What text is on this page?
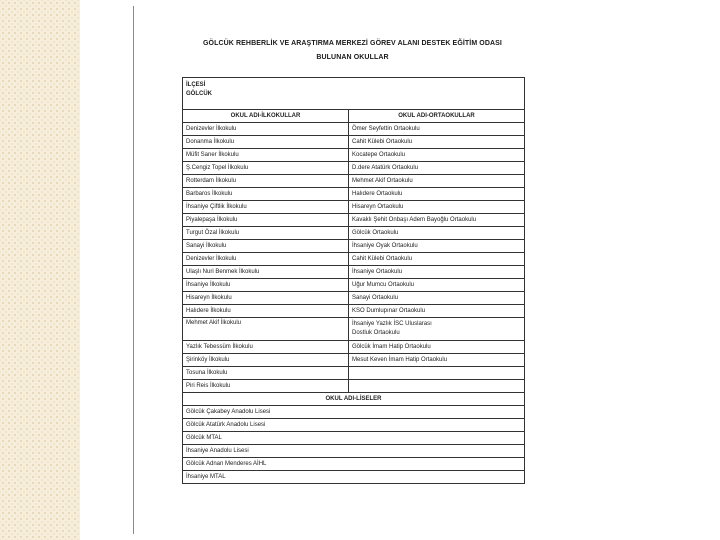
GÖLCÜK REHBERLİK VE ARAŞTIRMA MERKEZİ GÖREV ALANI DESTEK EĞİTİM ODASI
BULUNAN OKULLAR
İLÇESİ
GÖLCÜK	

OKUL ADI-İLKOKULLAR	OKUL ADI-ORTAOKULLAR
Denizevler İlkokulu	Ömer Seyfettin Ortaokulu
Donanma İlkokulu	Cahit Külebi Ortaokulu
Müfit Saner İlkokulu	Kocatepe Ortaokulu
Ş.Cengiz Topel İlkokulu	D.dere Atatürk Ortaokulu
Rotterdam İlkokulu	Mehmet Akif Ortaokulu
Barbaros İlkokulu	Halıdere Ortaokulu
İhsaniye Çiftlik İlkokulu	Hisareyn Ortaokulu
Piyalepaşa İlkokulu	Kavaklı Şehit Onbaşı Adem Bayoğlu Ortaokulu
Turgut Özal İlkokulu	Gölcük Ortaokulu
Sanayi İlkokulu	İhsaniye Oyak Ortaokulu
Denizevler İlkokulu	Cahit Külebi Ortaokulu
Ulaşlı Nuri Benmek İlkokulu	İhsaniye Ortaokulu
İhsaniye İlkokulu	Uğur Mumcu Ortaokulu
Hisareyn İlkokulu	Sanayi Ortaokulu
Halıdere İlkokulu	KSO Dumlupınar Ortaokulu
Mehmet Akif İlkokulu	İhsaniye Yazlık İSC Uluslarası
Dostluk Ortaokulu

Yazlık Tebessüm İlkokulu	Gölcük İmam Hatip Ortaokulu
Şirinköy İlkokulu	Mesut Keven İmam Hatip Ortaokulu
Tosuna İlkokulu	
Piri Reis İlkokulu	
OKUL ADI-LİSELER	
Gölcük Çakabey Anadolu Lisesi	
Gölcük Atatürk Anadolu Lisesi	
Gölcük MTAL	
İhsaniye Anadolu Lisesi	
Gölcük Adnan Menderes AİHL	
İhsaniye MTAL	
